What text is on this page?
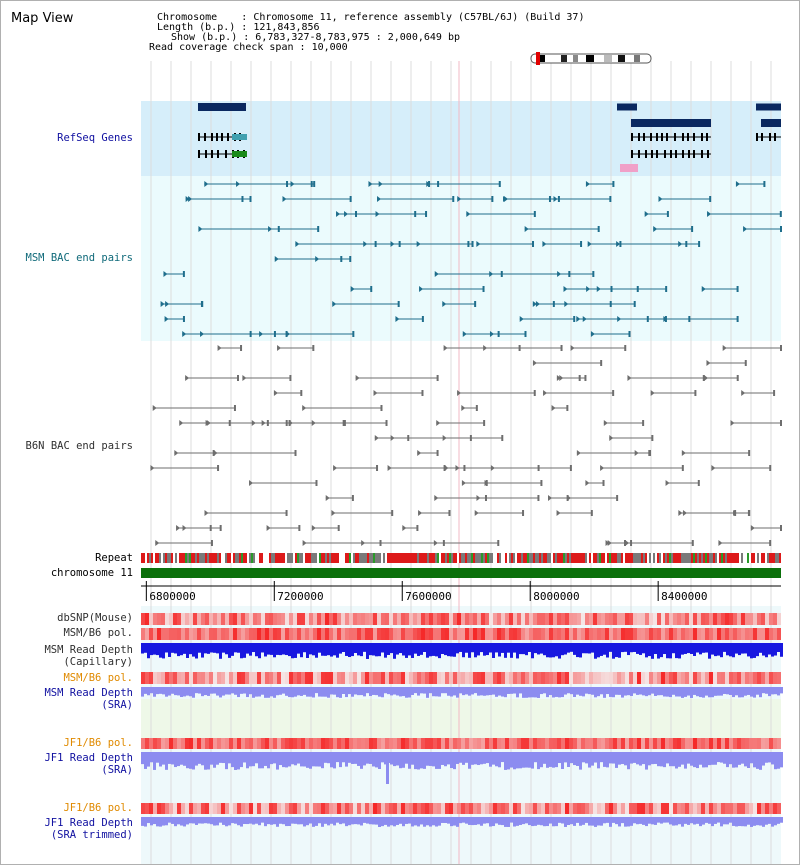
Map View	Chromosome    : Chromosome 11, reference assembly (C57BL/6J) (Build 37)
Length (b.p.) : 121,843,856
Show (b.p.) : 6,783,327-8,783,975 : 2,000,649 bp
Read coverage check span : 10,000
6800000	7200000	7600000	8000000	8400000
RefSeq Genes
MSM BAC end pairs
B6N BAC end pairs
Repeat
chromosome 11
dbSNP(Mouse)
MSM/B6 pol.
MSM Read Depth
(Capillary)
MSM/B6 pol.
MSM Read Depth
(SRA)
JF1/B6 pol.
JF1 Read Depth
(SRA)
JF1/B6 pol.
JF1 Read Depth
(SRA trimmed)
